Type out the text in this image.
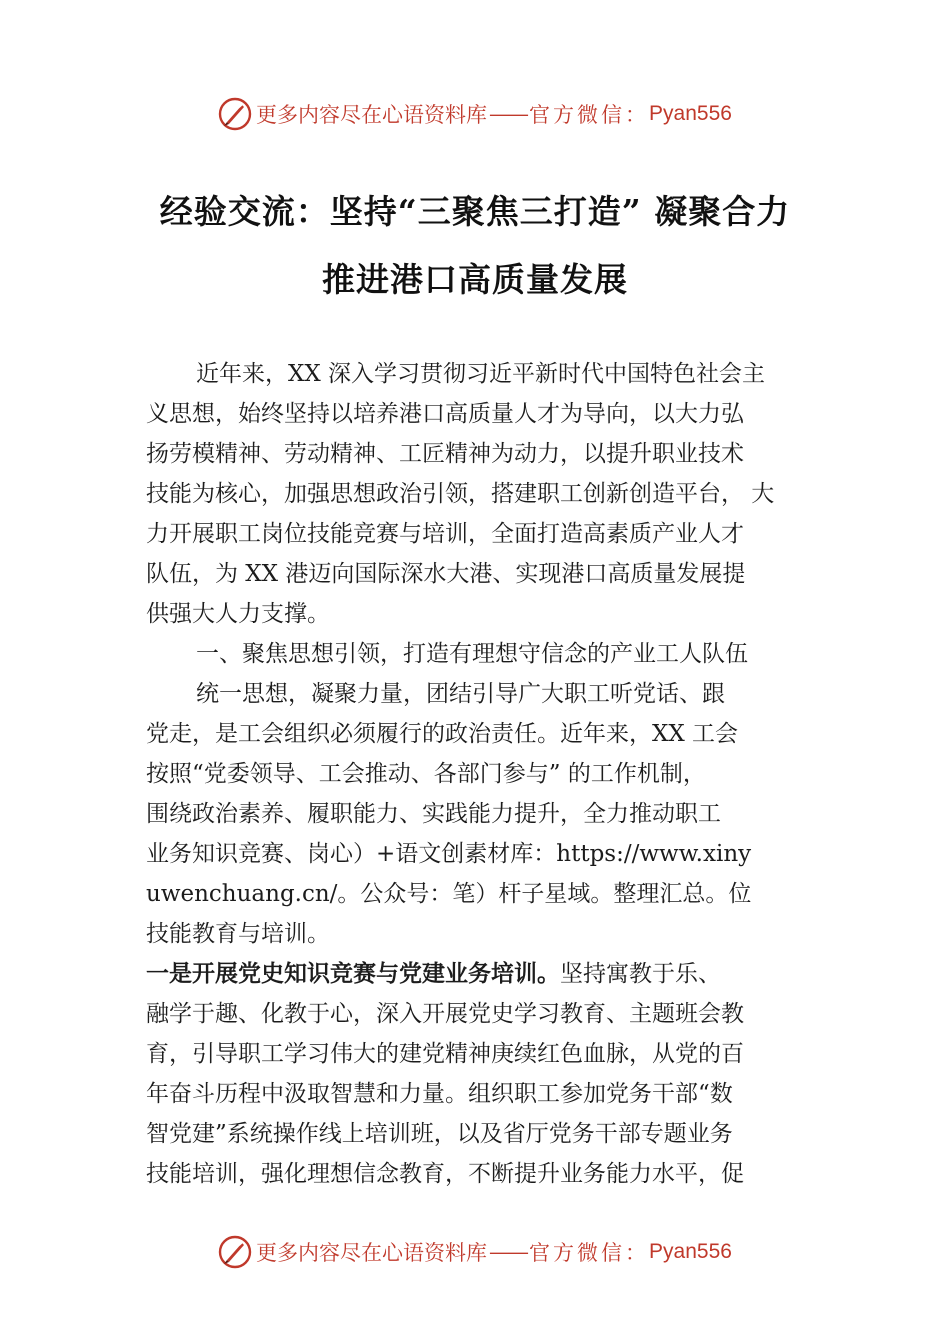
更多内容尽在心语资料库 —— 官方微信： Pyan556
经验交流：坚持“三聚焦三打造” 凝聚合力
推进港口高质量发展

近年来，XX 深入学习贯彻习近平新时代中国特色社会主
义思想，始终坚持以培养港口高质量人才为导向，以大力弘
扬劳模精神、劳动精神、工匠精神为动力，以提升职业技术
技能为核心，加强思想政治引领，搭建职工创新创造平台， 大
力开展职工岗位技能竞赛与培训，全面打造高素质产业人才
队伍，为 XX 港迈向国际深水大港、实现港口高质量发展提
供强大人力支撑。

一、聚焦思想引领，打造有理想守信念的产业工人队伍

统一思想，凝聚力量，团结引导广大职工听党话、跟
党走，是工会组织必须履行的政治责任。近年来，XX 工会
按照“党委领导、工会推动、各部门参与” 的工作机制，
围绕政治素养、履职能力、实践能力提升，全力推动职工
业务知识竞赛、岗心）+语文创素材库：https://www.xiny
uwenchuang.cn/。公众号：笔）杆子星域。整理汇总。位
技能教育与培训。

一是开展党史知识竞赛与党建业务培训。坚持寓教于乐、
融学于趣、化教于心，深入开展党史学习教育、主题班会教
育，引导职工学习伟大的建党精神庚续红色血脉，从党的百
年奋斗历程中汲取智慧和力量。组织职工参加党务干部“数
智党建”系统操作线上培训班，以及省厅党务干部专题业务
技能培训，强化理想信念教育，不断提升业务能力水平，促

更多内容尽在心语资料库 —— 官方微信： Pyan556
